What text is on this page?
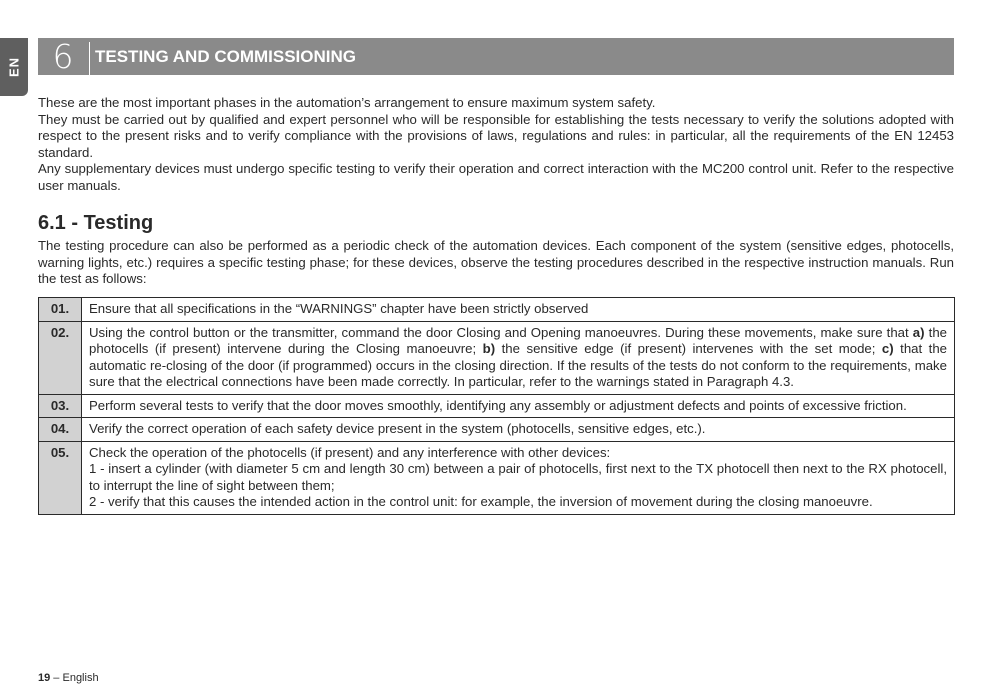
EN 6	TESTING AND COMMISSIONING

These are the most important phases in the automation’s arrangement to ensure maximum system safety.

They must be carried out by qualified and expert personnel who will be responsible for establishing the tests necessary to verify the solutions adopted with respect to the present risks and to verify compliance with the provisions of laws, regulations and rules: in particular, all the requirements of the EN 12453 standard.

Any supplementary devices must undergo specific testing to verify their operation and correct interaction with the MC200 control unit. Refer to the respective user manuals.

6.1 - Testing

The testing procedure can also be performed as a periodic check of the automation devices. Each component of the system (sensitive edges, photocells, warning lights, etc.) requires a specific testing phase; for these devices, observe the testing procedures described in the respective instruction manuals. Run the test as follows:

01.	Ensure that all specifications in the “WARNINGS” chapter have been strictly observed
02.	Using the control button or the transmitter, command the door Closing and Opening manoeuvres. During these movements, make sure that a) the photocells (if present) intervene during the Closing manoeuvre; b) the sensitive edge (if present) intervenes with the set mode; c) that the automatic re-closing of the door (if programmed) occurs in the closing direction. If the results of the tests do not conform to the requirements, make sure that the electrical connections have been made correctly. In particular, refer to the warnings stated in Paragraph 4.3.
03.	Perform several tests to verify that the door moves smoothly, identifying any assembly or adjustment defects and points of excessive friction.
04.	Verify the correct operation of each safety device present in the system (photocells, sensitive edges, etc.).
05.	Check the operation of the photocells (if present) and any interference with other devices:
1 - insert a cylinder (with diameter 5 cm and length 30 cm) between a pair of photocells, first next to the TX photocell then next to the RX photocell, to interrupt the line of sight between them;
2 - verify that this causes the intended action in the control unit: for example, the inversion of movement during the closing manoeuvre.
19 – English
